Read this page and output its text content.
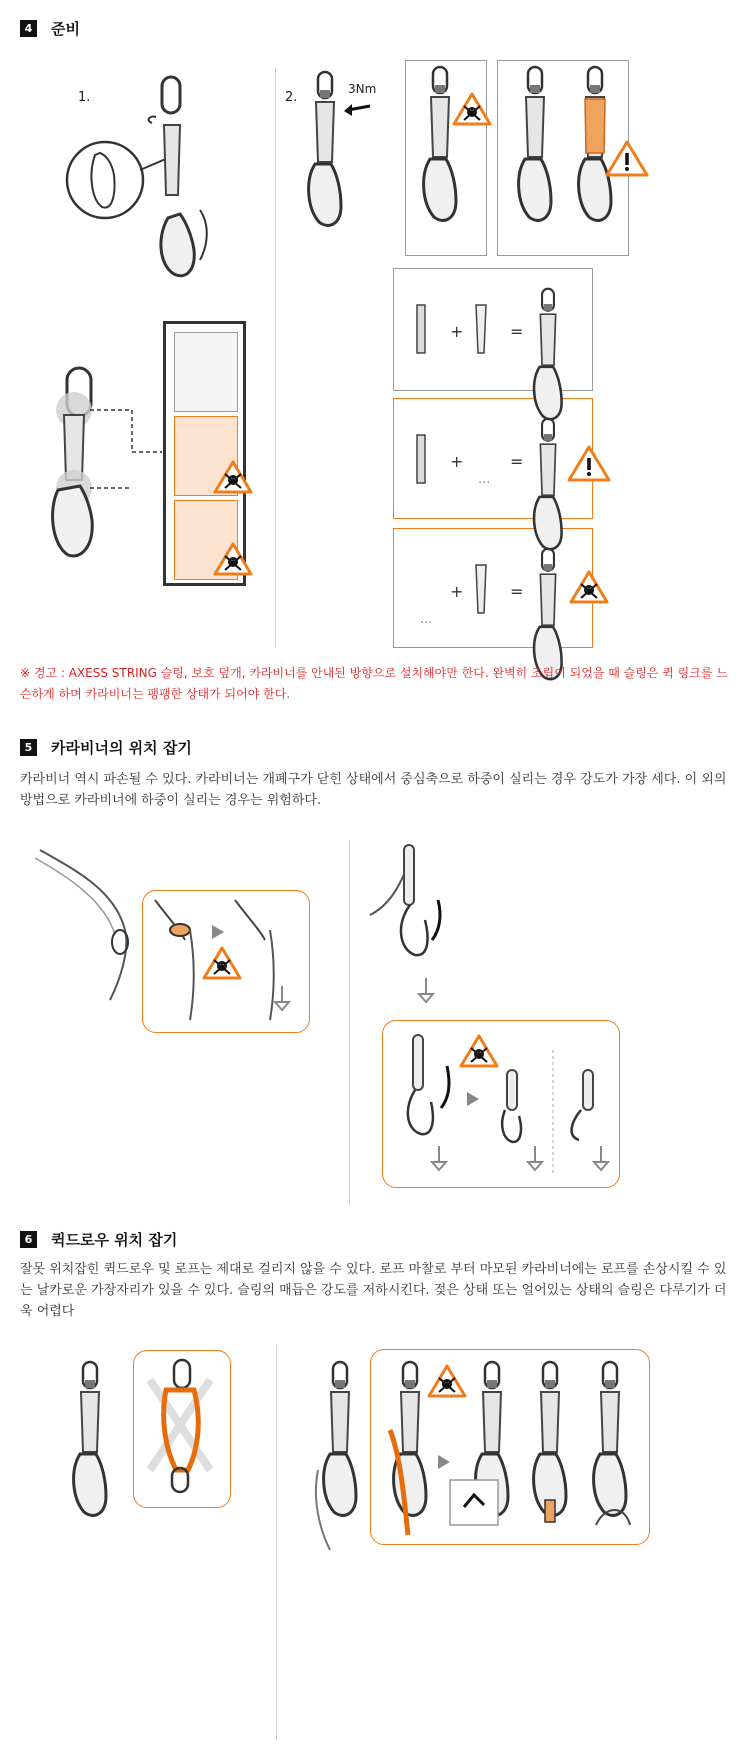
4	준비
1.	2.
3Nm
+	=
+
...
=
...
+	=
※ 경고 : AXESS STRING 슬링, 보호 덮개, 카라비너를 안내된 방향으로 설치해야만 한다. 완벽히 조립이 되었을 때 슬링은 퀵 링크를 느슨하게 하며 카라비너는 팽팽한 상태가 되어야 한다.
5	카라비너의 위치 잡기
카라비너 역시 파손될 수 있다. 카라비너는 개폐구가 닫힌 상태에서 중심축으로 하중이 실리는 경우 강도가 가장 세다. 이 외의 방법으로 카라비너에 하중이 실리는 경우는 위험하다.
6	퀵드로우 위치 잡기
잘못 위치잡힌 퀵드로우 및 로프는 제대로 걸리지 않을 수 있다. 로프 마찰로 부터 마모된 카라비너에는 로프를 손상시킬 수 있는 날카로운 가장자리가 있을 수 있다. 슬링의 매듭은 강도를 저하시킨다. 젖은 상태 또는 얼어있는 상태의 슬링은 다루기가 더욱 어렵다
